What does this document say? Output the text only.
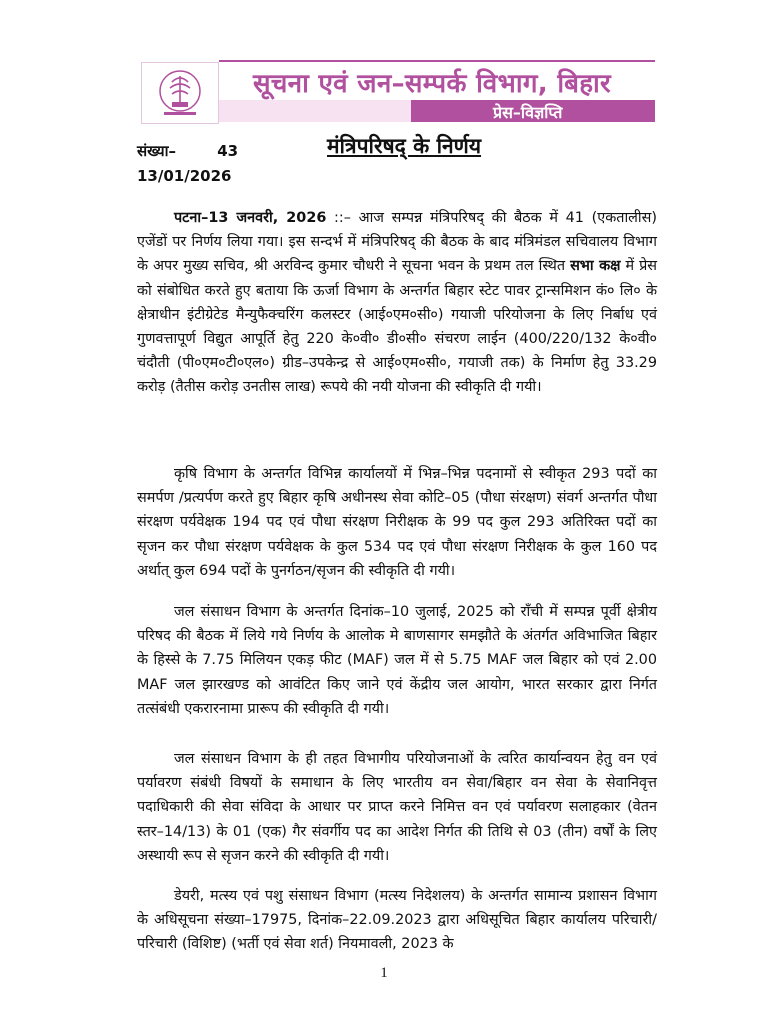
सूचना एवं जन–सम्पर्क विभाग, बिहार
प्रेस–विज्ञप्ति
संख्या–	43
13/01/2026
मंत्रिपरिषद् के निर्णय
पटना–13 जनवरी, 2026 ::– आज सम्पन्न मंत्रिपरिषद् की बैठक में 41 (एकतालीस) एजेंडों पर निर्णय लिया गया। इस सन्दर्भ में मंत्रिपरिषद् की बैठक के बाद मंत्रिमंडल सचिवालय विभाग के अपर मुख्य सचिव, श्री अरविन्द कुमार चौधरी ने सूचना भवन के प्रथम तल स्थित सभा कक्ष में प्रेस को संबोधित करते हुए बताया कि ऊर्जा विभाग के अन्तर्गत बिहार स्टेट पावर ट्रान्समिशन कं० लि० के क्षेत्राधीन इंटीग्रेटेड मैन्युफैक्चरिंग कलस्टर (आई०एम०सी०) गयाजी परियोजना के लिए निर्बाध एवं गुणवत्तापूर्ण विद्युत आपूर्ति हेतु 220 के०वी० डी०सी० संचरण लाईन (400/220/132 के०वी० चंदौती (पी०एम०टी०एल०) ग्रीड–उपकेन्द्र से आई०एम०सी०, गयाजी तक) के निर्माण हेतु 33.29 करोड़ (तैतीस करोड़ उनतीस लाख) रूपये की नयी योजना की स्वीकृति दी गयी।
कृषि विभाग के अन्तर्गत विभिन्न कार्यालयों में भिन्न–भिन्न पदनामों से स्वीकृत 293 पदों का समर्पण /प्रत्यर्पण करते हुए बिहार कृषि अधीनस्थ सेवा कोटि–05 (पौधा संरक्षण) संवर्ग अन्तर्गत पौधा संरक्षण पर्यवेक्षक 194 पद एवं पौधा संरक्षण निरीक्षक के 99 पद कुल 293 अतिरिक्त पदों का सृजन कर पौधा संरक्षण पर्यवेक्षक के कुल 534 पद एवं पौधा संरक्षण निरीक्षक के कुल 160 पद अर्थात् कुल 694 पदों के पुनर्गठन/सृजन की स्वीकृति दी गयी।
जल संसाधन विभाग के अन्तर्गत दिनांक–10 जुलाई, 2025 को राँची में सम्पन्न पूर्वी क्षेत्रीय परिषद की बैठक में लिये गये निर्णय के आलोक मे बाणसागर समझौते के अंतर्गत अविभाजित बिहार के हिस्से के 7.75 मिलियन एकड़ फीट (MAF) जल में से 5.75 MAF जल बिहार को एवं 2.00 MAF जल झारखण्ड को आवंटित किए जाने एवं केंद्रीय जल आयोग, भारत सरकार द्वारा निर्गत तत्संबंधी एकरारनामा प्रारूप की स्वीकृति दी गयी।
जल संसाधन विभाग के ही तहत विभागीय परियोजनाओं के त्वरित कार्यान्वयन हेतु वन एवं पर्यावरण संबंधी विषयों के समाधान के लिए भारतीय वन सेवा/बिहार वन सेवा के सेवानिवृत्त पदाधिकारी की सेवा संविदा के आधार पर प्राप्त करने निमित्त वन एवं पर्यावरण सलाहकार (वेतन स्तर–14/13) के 01 (एक) गैर संवर्गीय पद का आदेश निर्गत की तिथि से 03 (तीन) वर्षों के लिए अस्थायी रूप से सृजन करने की स्वीकृति दी गयी।
डेयरी, मत्स्य एवं पशु संसाधन विभाग (मत्स्य निदेशलय) के अन्तर्गत सामान्य प्रशासन विभाग के अधिसूचना संख्या–17975, दिनांक–22.09.2023 द्वारा अधिसूचित बिहार कार्यालय परिचारी/परिचारी (विशिष्ट) (भर्ती एवं सेवा शर्त) नियमावली, 2023 के
1
